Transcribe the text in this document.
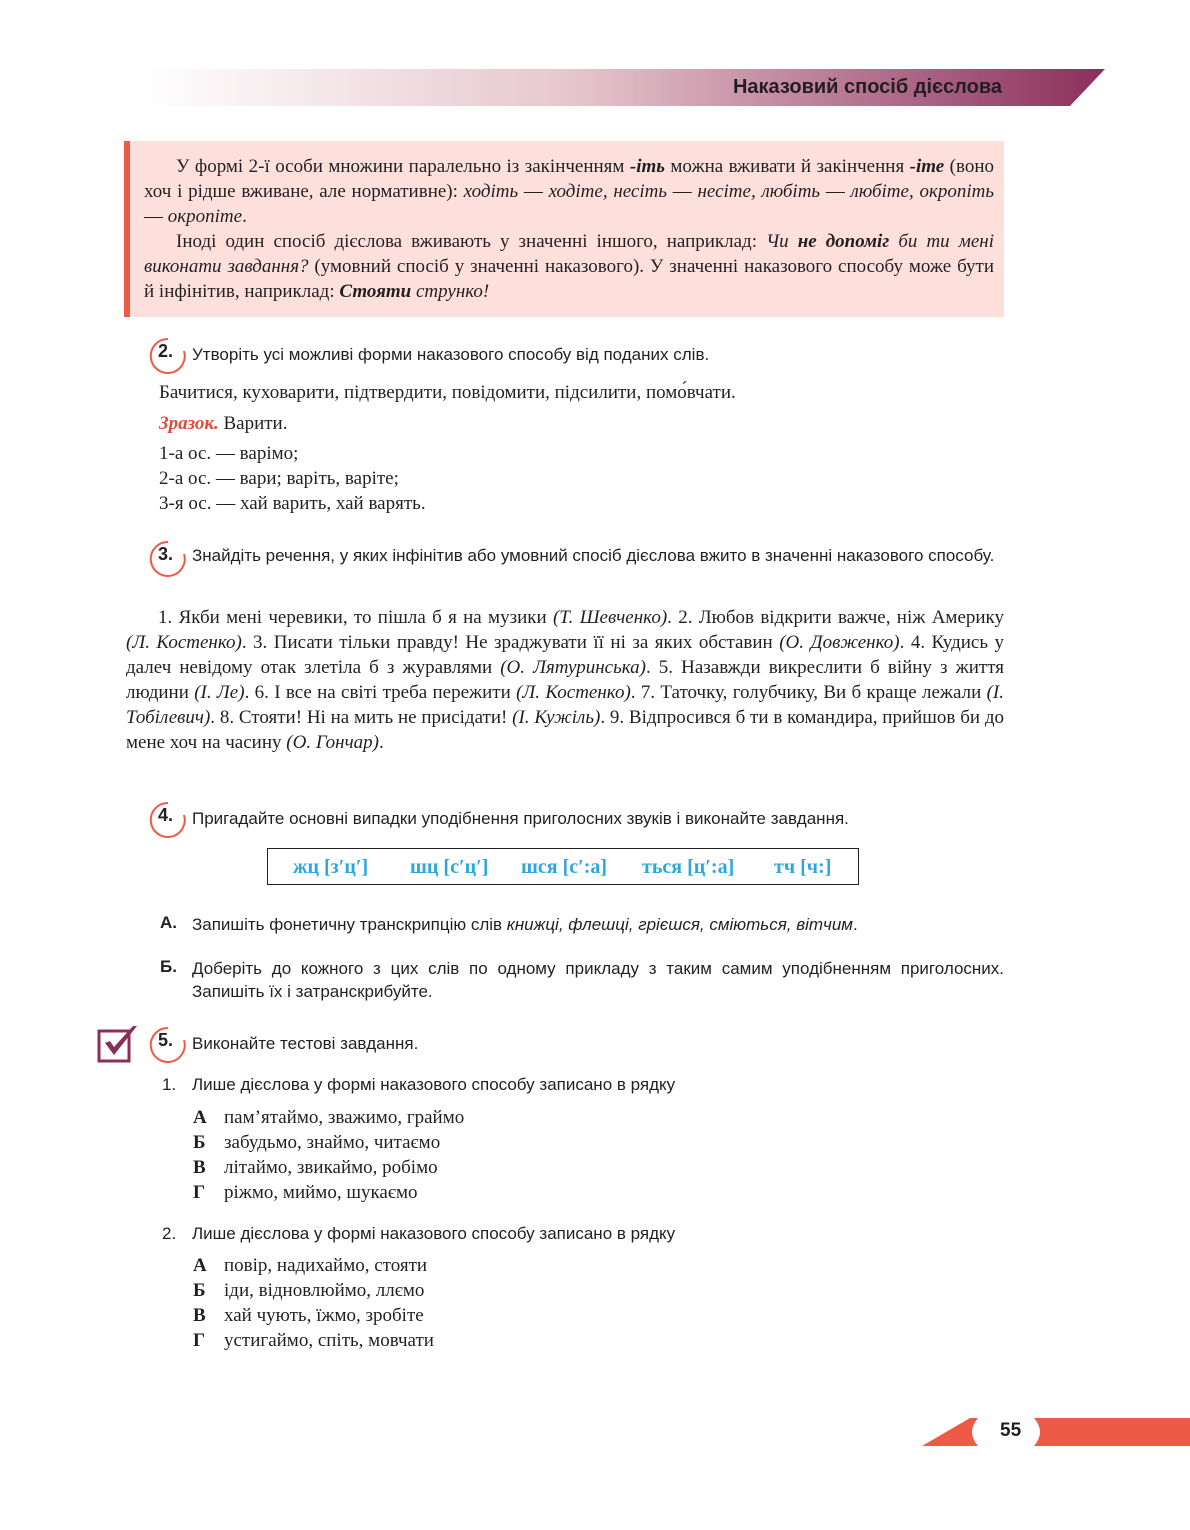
Наказовий спосіб дієслова

У формі 2-ї особи множини паралельно із закінченням -іть можна вживати й закінчення -іте (воно хоч і рідше вживане, але нормативне): ходіть — ходіте, несіть — несіте, любіть — любіте, окропіть — окропіте.

Іноді один спосіб дієслова вживають у значенні іншого, наприклад: Чи не допоміг би ти мені виконати завдання? (умовний спосіб у значенні наказового). У значенні наказового способу може бути й інфінітив, наприклад: Стояти струнко!

2. Утворіть усі можливі форми наказового способу від поданих слів.
Бачитися, куховарити, підтвердити, повідомити, підсилити, помо́вчати.
Зразок. Варити.
1-а ос. — варімо;
2-а ос. — вари; варіть, варіте;
3-я ос. — хай варить, хай варять.
3. Знайдіть речення, у яких інфінітив або умовний спосіб дієслова вжито в значенні наказового способу.

1. Якби мені черевики, то пішла б я на музики (Т. Шевченко). 2. Любов відкрити важче, ніж Америку (Л. Костенко). 3. Писати тільки правду! Не зраджувати її ні за яких обставин (О. Довженко). 4. Кудись у далеч невідому отак злетіла б з журавлями (О. Лятуринська). 5. Назавжди викреслити б війну з життя людини (І. Ле). 6. І все на світі треба пережити (Л. Костенко). 7. Таточку, голубчику, Ви б краще лежали (І. Тобілевич). 8. Стояти! Ні на мить не присідати! (І. Кужіль). 9. Відпросився б ти в командира, прийшов би до мене хоч на часину (О. Гончар).

4. Пригадайте основні випадки уподібнення приголосних звуків і виконайте завдання.
жц [з′ц′] шц [с′ц′] шся [с′:а] ться [ц′:а] тч [ч:]
А. Запишіть фонетичну транскрипцію слів книжці, флешці, грієшся, сміються, вітчим.
Б. Доберіть до кожного з цих слів по одному прикладу з таким самим уподібненням приголосних. Запишіть їх і затранскрибуйте.
5. Виконайте тестові завдання.
1. Лише дієслова у формі наказового способу записано в рядку
А пам’ятаймо, зважимо, граймо
Б забудьмо, знаймо, читаємо
В літаймо, звикаймо, робімо
Г ріжмо, миймо, шукаємо
2. Лише дієслова у формі наказового способу записано в рядку
А повір, надихаймо, стояти
Б іди, відновлюймо, ллємо
В хай чують, їжмо, зробіте
Г устигаймо, спіть, мовчати
55
